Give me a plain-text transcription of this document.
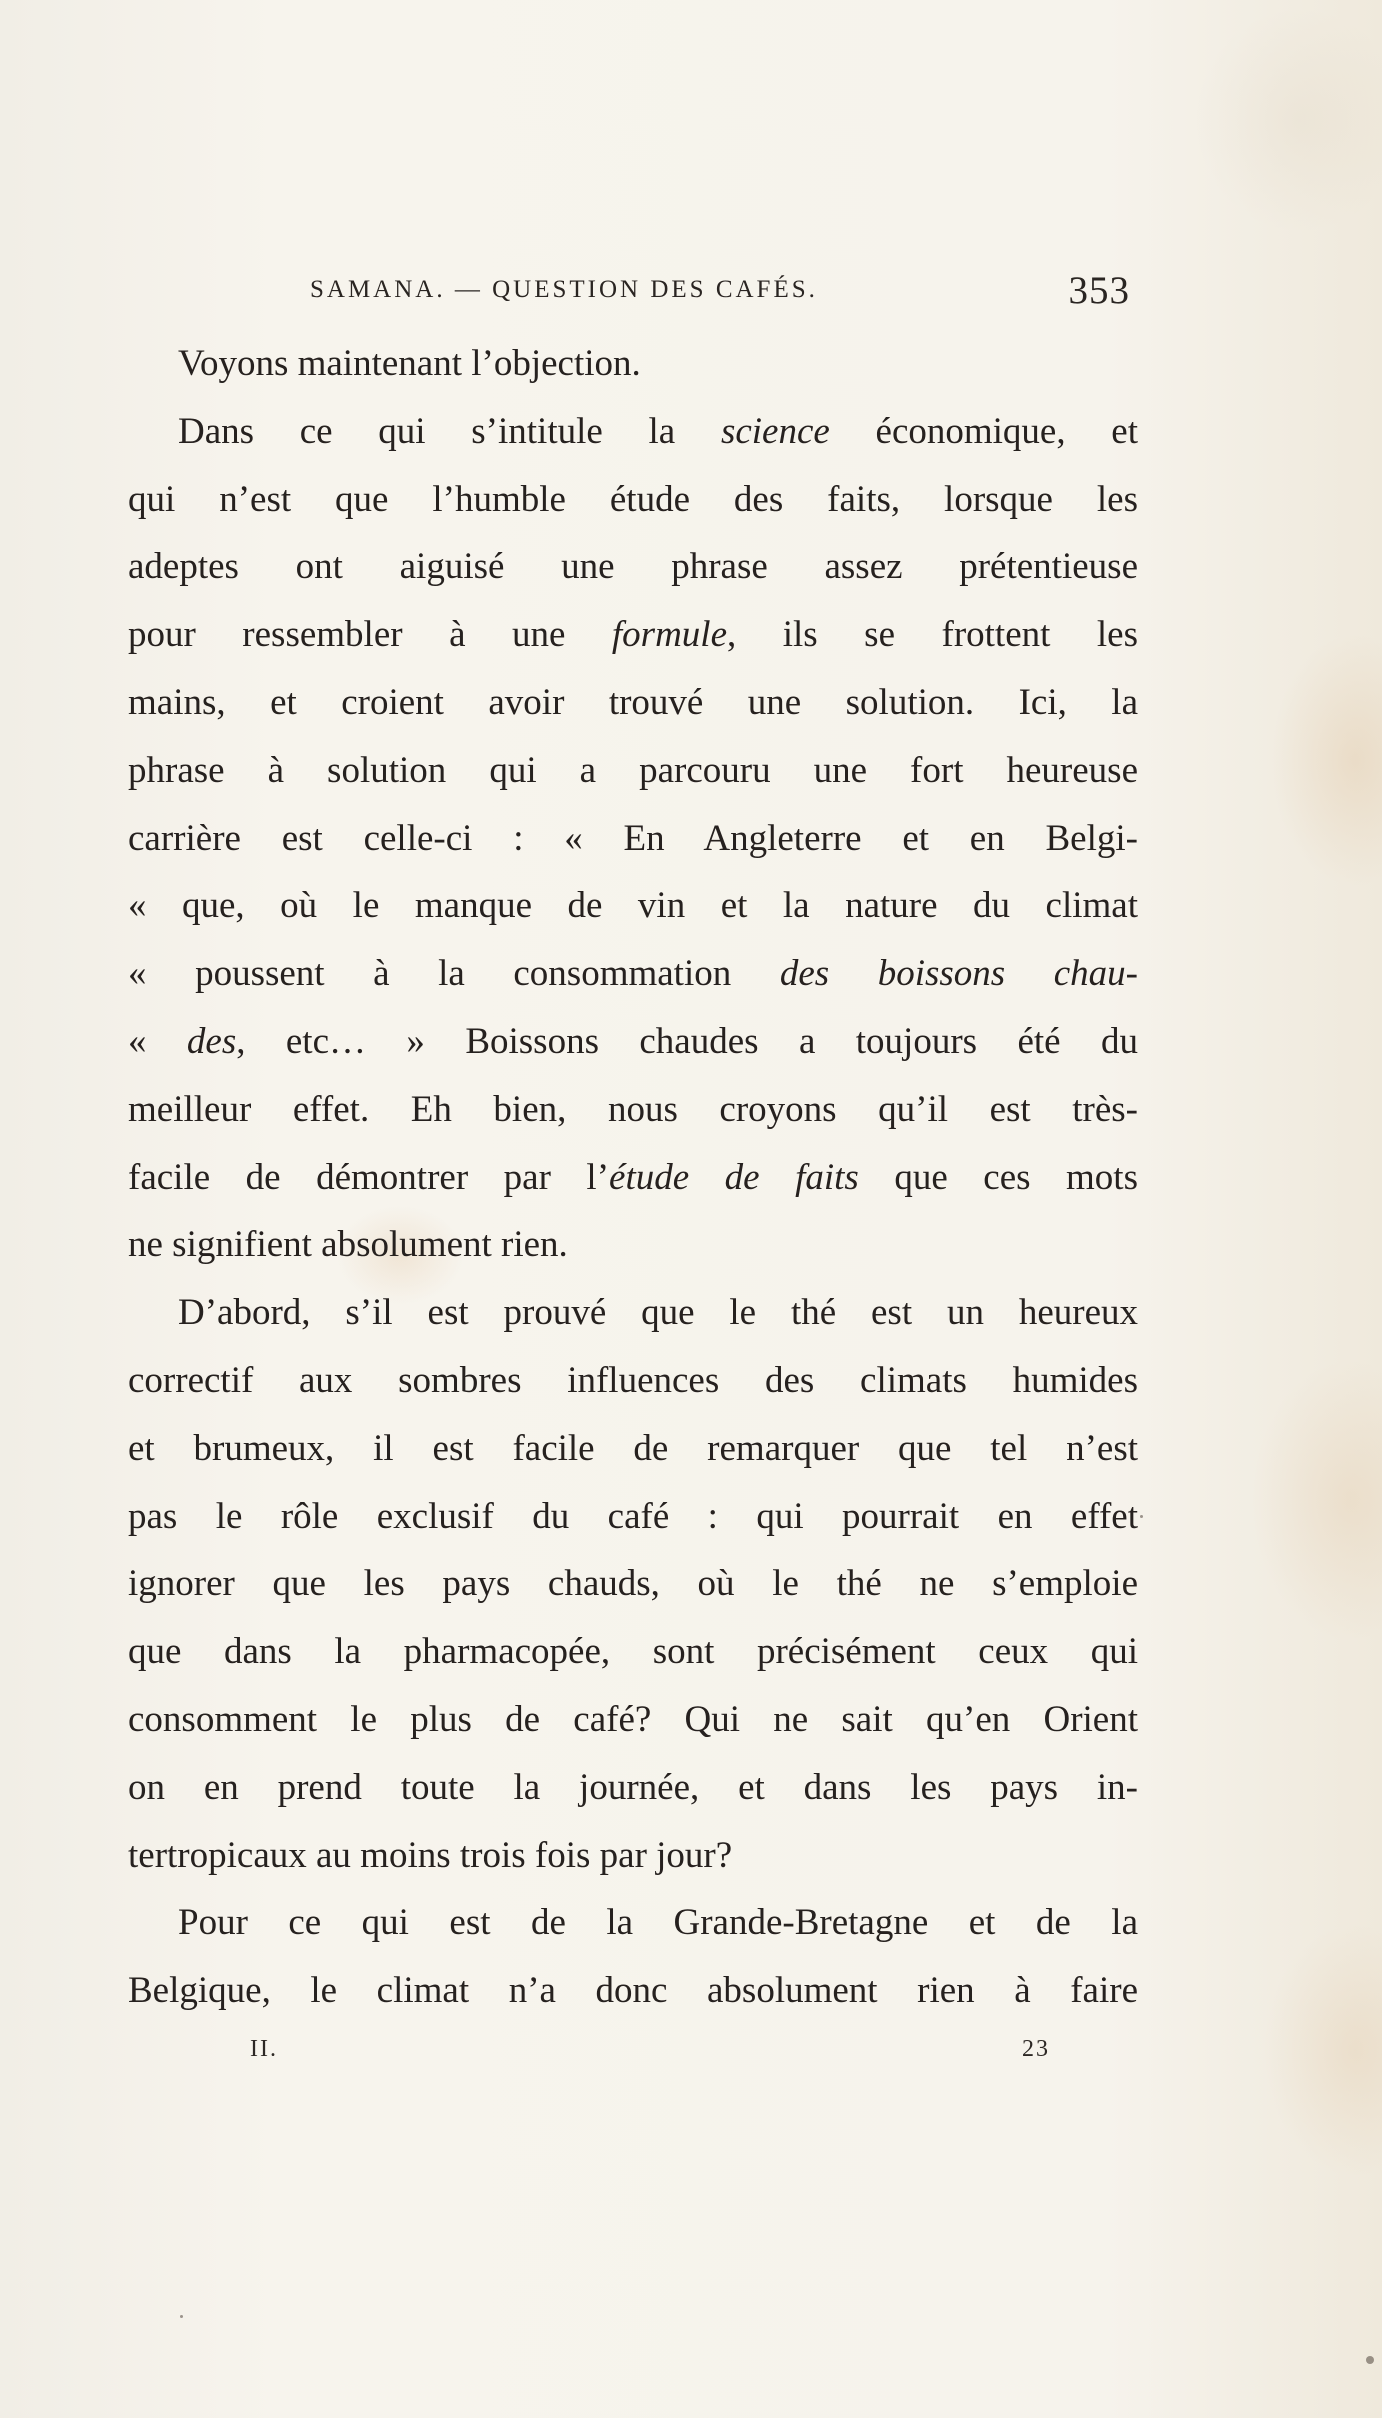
SAMANA. — QUESTION DES CAFÉS.	353
Voyons maintenant l’objection.
Dans ce qui s’intitule la science économique, et
qui n’est que l’humble étude des faits, lorsque les
adeptes ont aiguisé une phrase assez prétentieuse
pour ressembler à une formule, ils se frottent les
mains, et croient avoir trouvé une solution. Ici, la
phrase à solution qui a parcouru une fort heureuse
carrière est celle-ci : « En Angleterre et en Belgi-
« que, où le manque de vin et la nature du climat
« poussent à la consommation des boissons chau-
« des, etc… » Boissons chaudes a toujours été du
meilleur effet. Eh bien, nous croyons qu’il est très-
facile de démontrer par l’étude de faits que ces mots
ne signifient absolument rien.
D’abord, s’il est prouvé que le thé est un heureux
correctif aux sombres influences des climats humides
et brumeux, il est facile de remarquer que tel n’est
pas le rôle exclusif du café : qui pourrait en effet
ignorer que les pays chauds, où le thé ne s’emploie
que dans la pharmacopée, sont précisément ceux qui
consomment le plus de café? Qui ne sait qu’en Orient
on en prend toute la journée, et dans les pays in-
tertropicaux au moins trois fois par jour?
Pour ce qui est de la Grande-Bretagne et de la
Belgique, le climat n’a donc absolument rien à faire
II.	23
